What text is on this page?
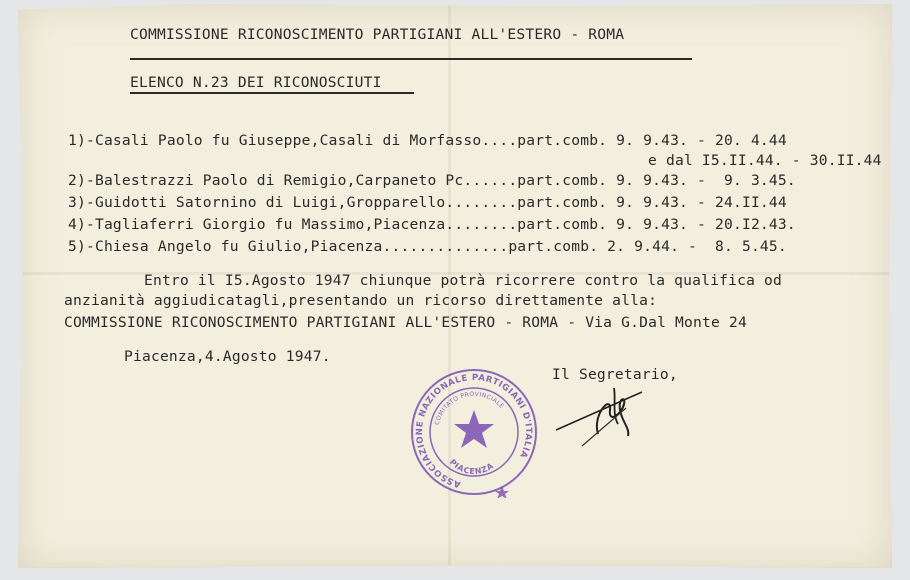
COMMISSIONE RICONOSCIMENTO PARTIGIANI ALL'ESTERO - ROMA
ELENCO N.23 DEI RICONOSCIUTI
1)-Casali Paolo fu Giuseppe,Casali di Morfasso....part.comb. 9. 9.43. - 20. 4.44
e dal I5.II.44. - 30.II.44
2)-Balestrazzi Paolo di Remigio,Carpaneto Pc......part.comb. 9. 9.43. -  9. 3.45.
3)-Guidotti Satornino di Luigi,Gropparello........part.comb. 9. 9.43. - 24.II.44
4)-Tagliaferri Giorgio fu Massimo,Piacenza........part.comb. 9. 9.43. - 20.I2.43.
5)-Chiesa Angelo fu Giulio,Piacenza..............part.comb. 2. 9.44. -  8. 5.45.
Entro il I5.Agosto 1947 chiunque potrà ricorrere contro la qualifica od
anzianità aggiudicatagli,presentando un ricorso direttamente alla:
COMMISSIONE RICONOSCIMENTO PARTIGIANI ALL'ESTERO - ROMA - Via G.Dal Monte 24
Piacenza,4.Agosto 1947.
Il Segretario,
ASSOCIAZIONE NAZIONALE PARTIGIANI D'ITALIA
COMITATO PROVINCIALE
PIACENZA
